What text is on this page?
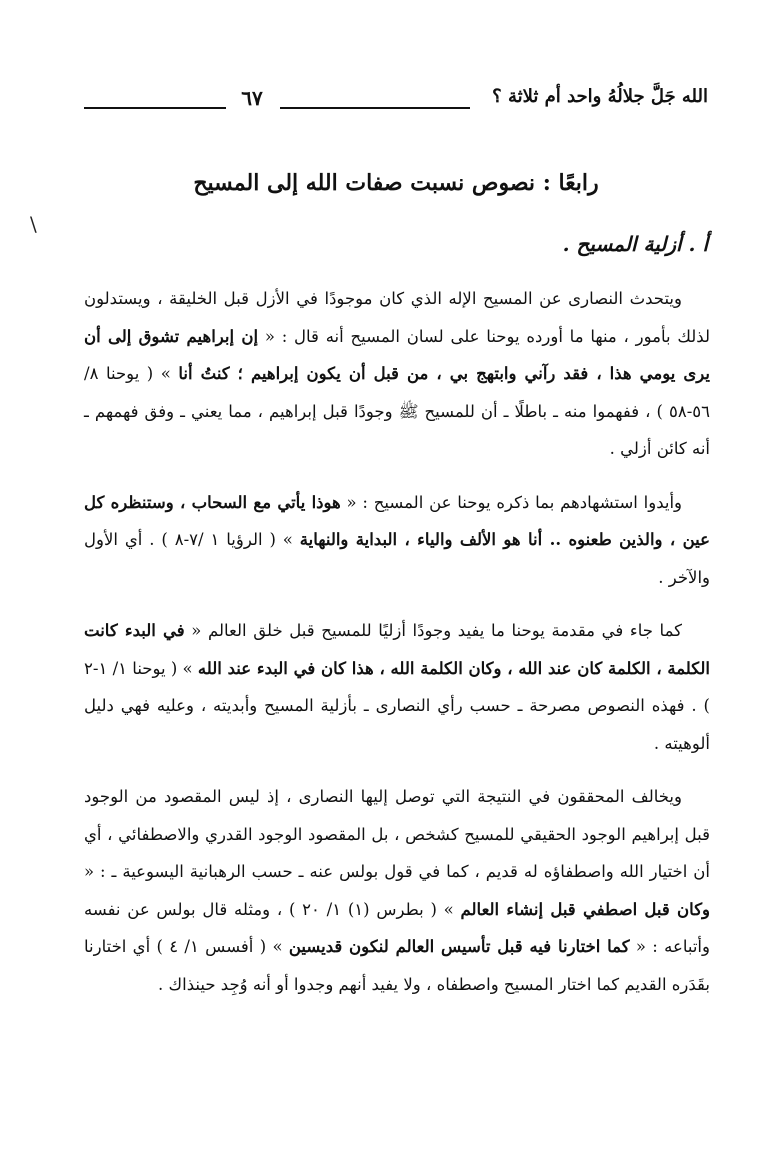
الله جَلَّ جلالُهُ واحد أم ثلاثة ؟
٦٧
رابعًا : نصوص نسبت صفات الله إلى المسيح
\
أ . أزلية المسيح .

ويتحدث النصارى عن المسيح الإله الذي كان موجودًا في الأزل قبل الخليقة ، ويستدلون لذلك بأمور ، منها ما أورده يوحنا على لسان المسيح أنه قال : « إن إبراهيم تشوق إلى أن يرى يومي هذا ، فقد رآني وابتهج بي ، من قبل أن يكون إبراهيم ؛ كنتُ أنا » ( يوحنا ٨/ ٥٦-٥٨ ) ، ففهموا منه ـ باطلًا ـ أن للمسيح ﷺ وجودًا قبل إبراهيم ، مما يعني ـ وفق فهمهم ـ أنه كائن أزلي .

وأيدوا استشهادهم بما ذكره يوحنا عن المسيح : « هوذا يأتي مع السحاب ، وستنظره كل عين ، والذين طعنوه .. أنا هو الألف والياء ، البداية والنهاية » ( الرؤيا ١ /٧-٨ ) . أي الأول والآخر .

كما جاء في مقدمة يوحنا ما يفيد وجودًا أزليًا للمسيح قبل خلق العالم « في البدء كانت الكلمة ، الكلمة كان عند الله ، وكان الكلمة الله ، هذا كان في البدء عند الله » ( يوحنا ١/ ١-٢ ) . فهذه النصوص مصرحة ـ حسب رأي النصارى ـ بأزلية المسيح وأبديته ، وعليه فهي دليل ألوهيته .

ويخالف المحققون في النتيجة التي توصل إليها النصارى ، إذ ليس المقصود من الوجود قبل إبراهيم الوجود الحقيقي للمسيح كشخص ، بل المقصود الوجود القدري والاصطفائي ، أي أن اختيار الله واصطفاؤه له قديم ، كما في قول بولس عنه ـ حسب الرهبانية اليسوعية ـ : « وكان قبل اصطفي قبل إنشاء العالم » ( بطرس (١) ١/ ٢٠ ) ، ومثله قال بولس عن نفسه وأتباعه : « كما اختارنا فيه قبل تأسيس العالم لنكون قديسين » ( أفسس ١/ ٤ ) أي اختارنا بقَدَره القديم كما اختار المسيح واصطفاه ، ولا يفيد أنهم وجدوا أو أنه وُجِد حينذاك .
